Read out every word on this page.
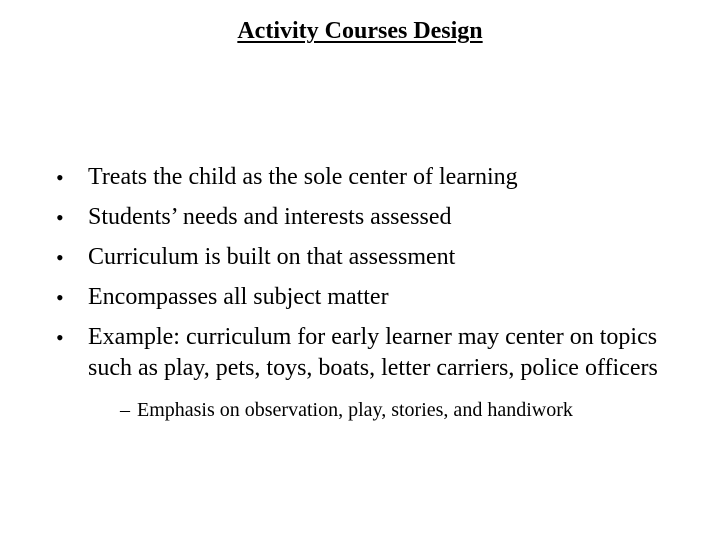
Activity Courses Design
• Treats the child as the sole center of learning
• Students’ needs and interests assessed
• Curriculum is built on that assessment
• Encompasses all subject matter
• Example: curriculum for early learner may center on topics such as play, pets, toys, boats, letter carriers, police officers
– Emphasis on observation, play, stories, and handiwork
